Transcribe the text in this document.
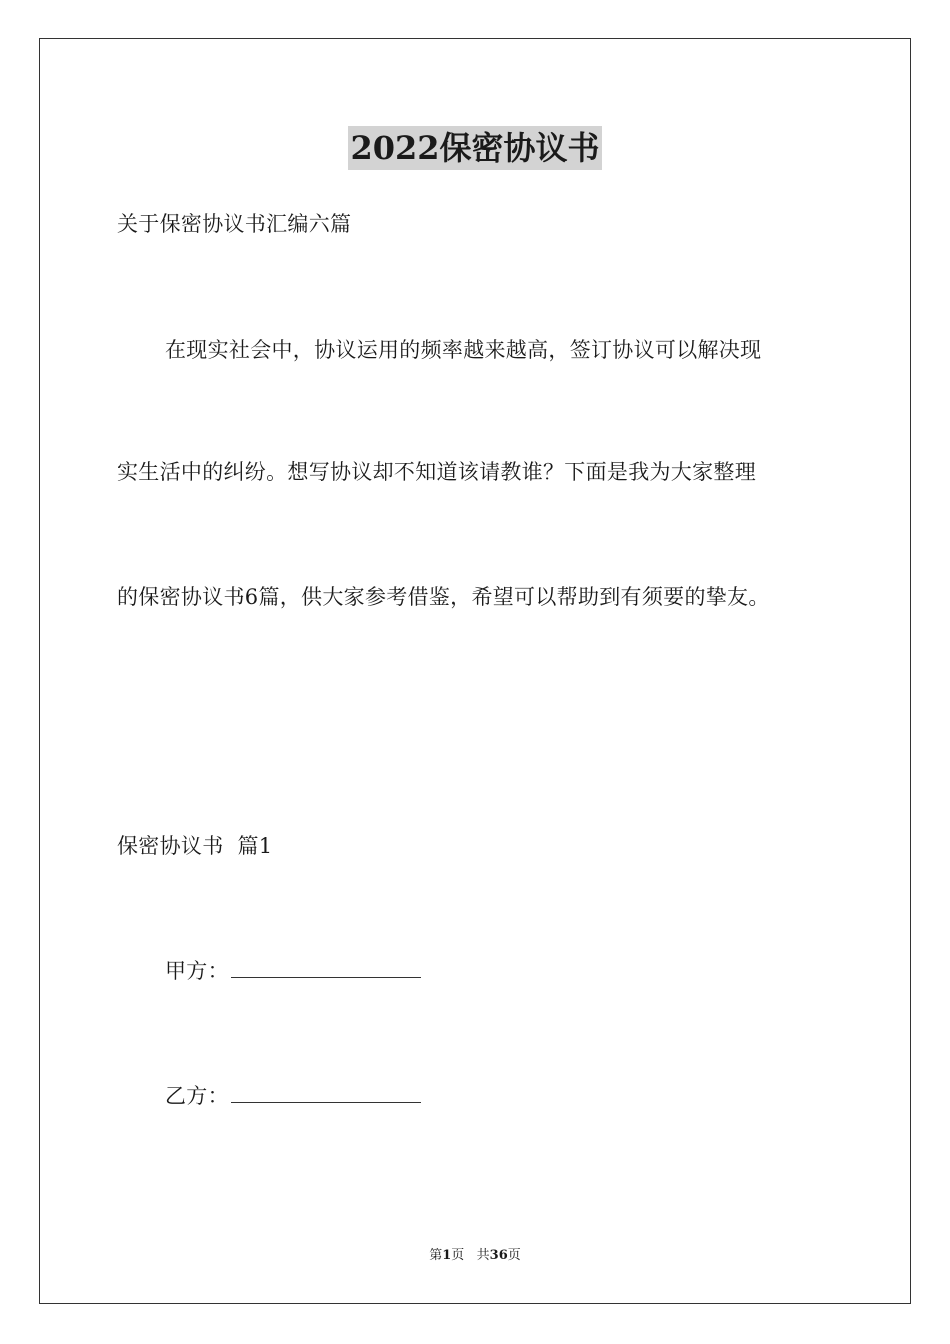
2022保密协议书
关于保密协议书汇编六篇
在现实社会中，协议运用的频率越来越高，签订协议可以解决现
实生活中的纠纷。想写协议却不知道该请教谁？下面是我为大家整理
的保密协议书6篇，供大家参考借鉴，希望可以帮助到有须要的挚友。
保密协议书  篇1
甲方：
乙方：
第1页   共36页
